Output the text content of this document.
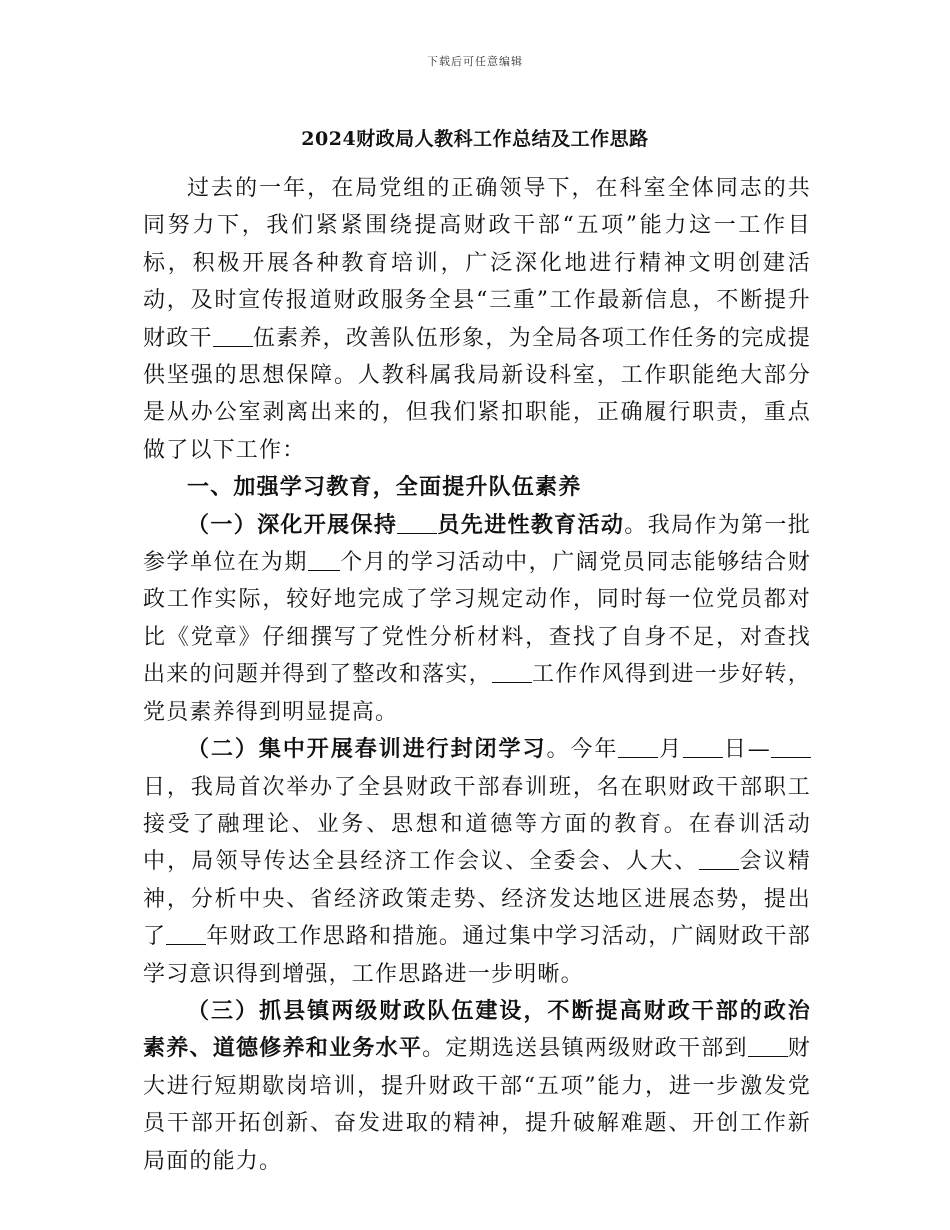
下载后可任意编辑
2024财政局人教科工作总结及工作思路

过去的一年，在局党组的正确领导下，在科室全体同志的共同努力下，我们紧紧围绕提高财政干部“五项”能力这一工作目标，积极开展各种教育培训，广泛深化地进行精神文明创建活动，及时宣传报道财政服务全县“三重”工作最新信息，不断提升财政干 伍素养，改善队伍形象，为全局各项工作任务的完成提供坚强的思想保障。人教科属我局新设科室，工作职能绝大部分是从办公室剥离出来的，但我们紧扣职能，正确履行职责，重点做了以下工作：

一、加强学习教育，全面提升队伍素养

（一）深化开展保持 员先进性教育活动。我局作为第一批参学单位在为期 个月的学习活动中，广阔党员同志能够结合财政工作实际，较好地完成了学习规定动作，同时每一位党员都对比《党章》仔细撰写了党性分析材料，查找了自身不足，对查找出来的问题并得到了整改和落实， 工作作风得到进一步好转，党员素养得到明显提高。

（二）集中开展春训进行封闭学习。今年 月 日—日，我局首次举办了全县财政干部春训班，名在职财政干部职工接受了融理论、业务、思想和道德等方面的教育。在春训活动中，局领导传达全县经济工作会议、全委会、人大、 会议精神，分析中央、省经济政策走势、经济发达地区进展态势，提出了 年财政工作思路和措施。通过集中学习活动，广阔财政干部学习意识得到增强，工作思路进一步明晰。

（三）抓县镇两级财政队伍建设，不断提高财政干部的政治素养、道德修养和业务水平。定期选送县镇两级财政干部到 财大进行短期歇岗培训，提升财政干部“五项”能力，进一步激发党员干部开拓创新、奋发进取的精神，提升破解难题、开创工作新局面的能力。
